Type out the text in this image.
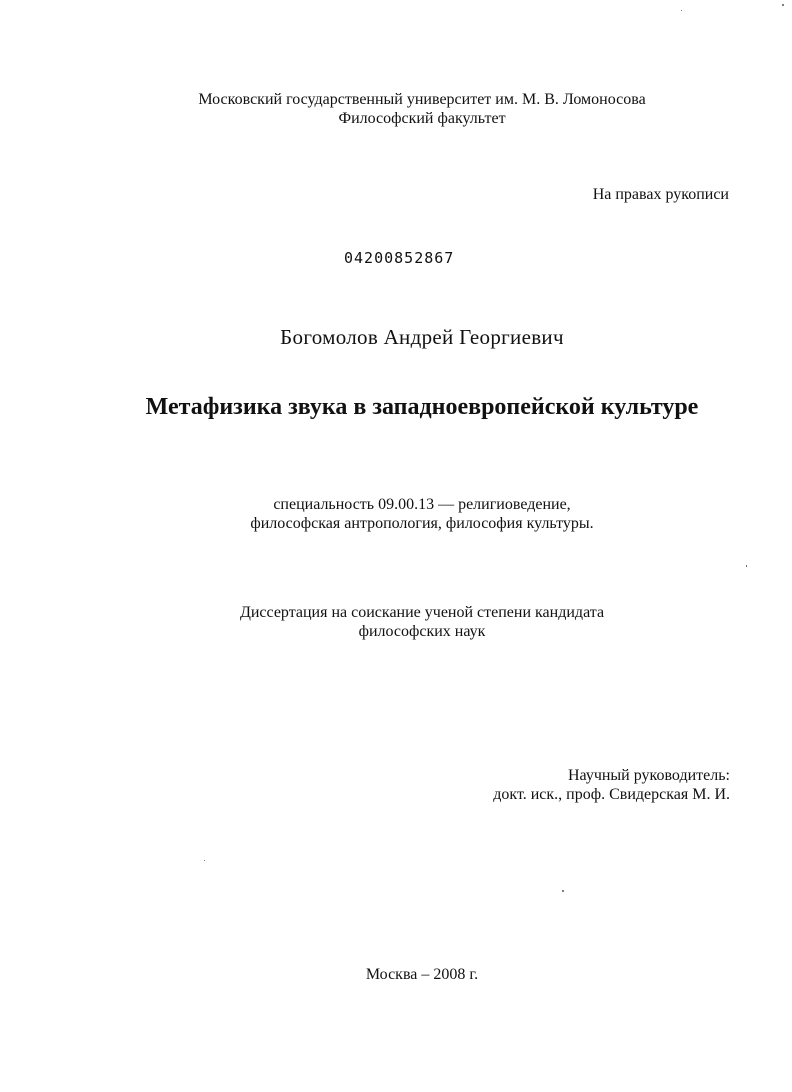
Московский государственный университет им. М. В. Ломоносова
Философский факультет
На правах рукописи
04200852867
Богомолов Андрей Георгиевич
Метафизика звука в западноевропейской культуре
специальность 09.00.13 — религиоведение,
философская антропология, философия культуры.
Диссертация на соискание ученой степени кандидата
философских наук
Научный руководитель:
докт. иск., проф. Свидерская М. И.
Москва – 2008 г.
